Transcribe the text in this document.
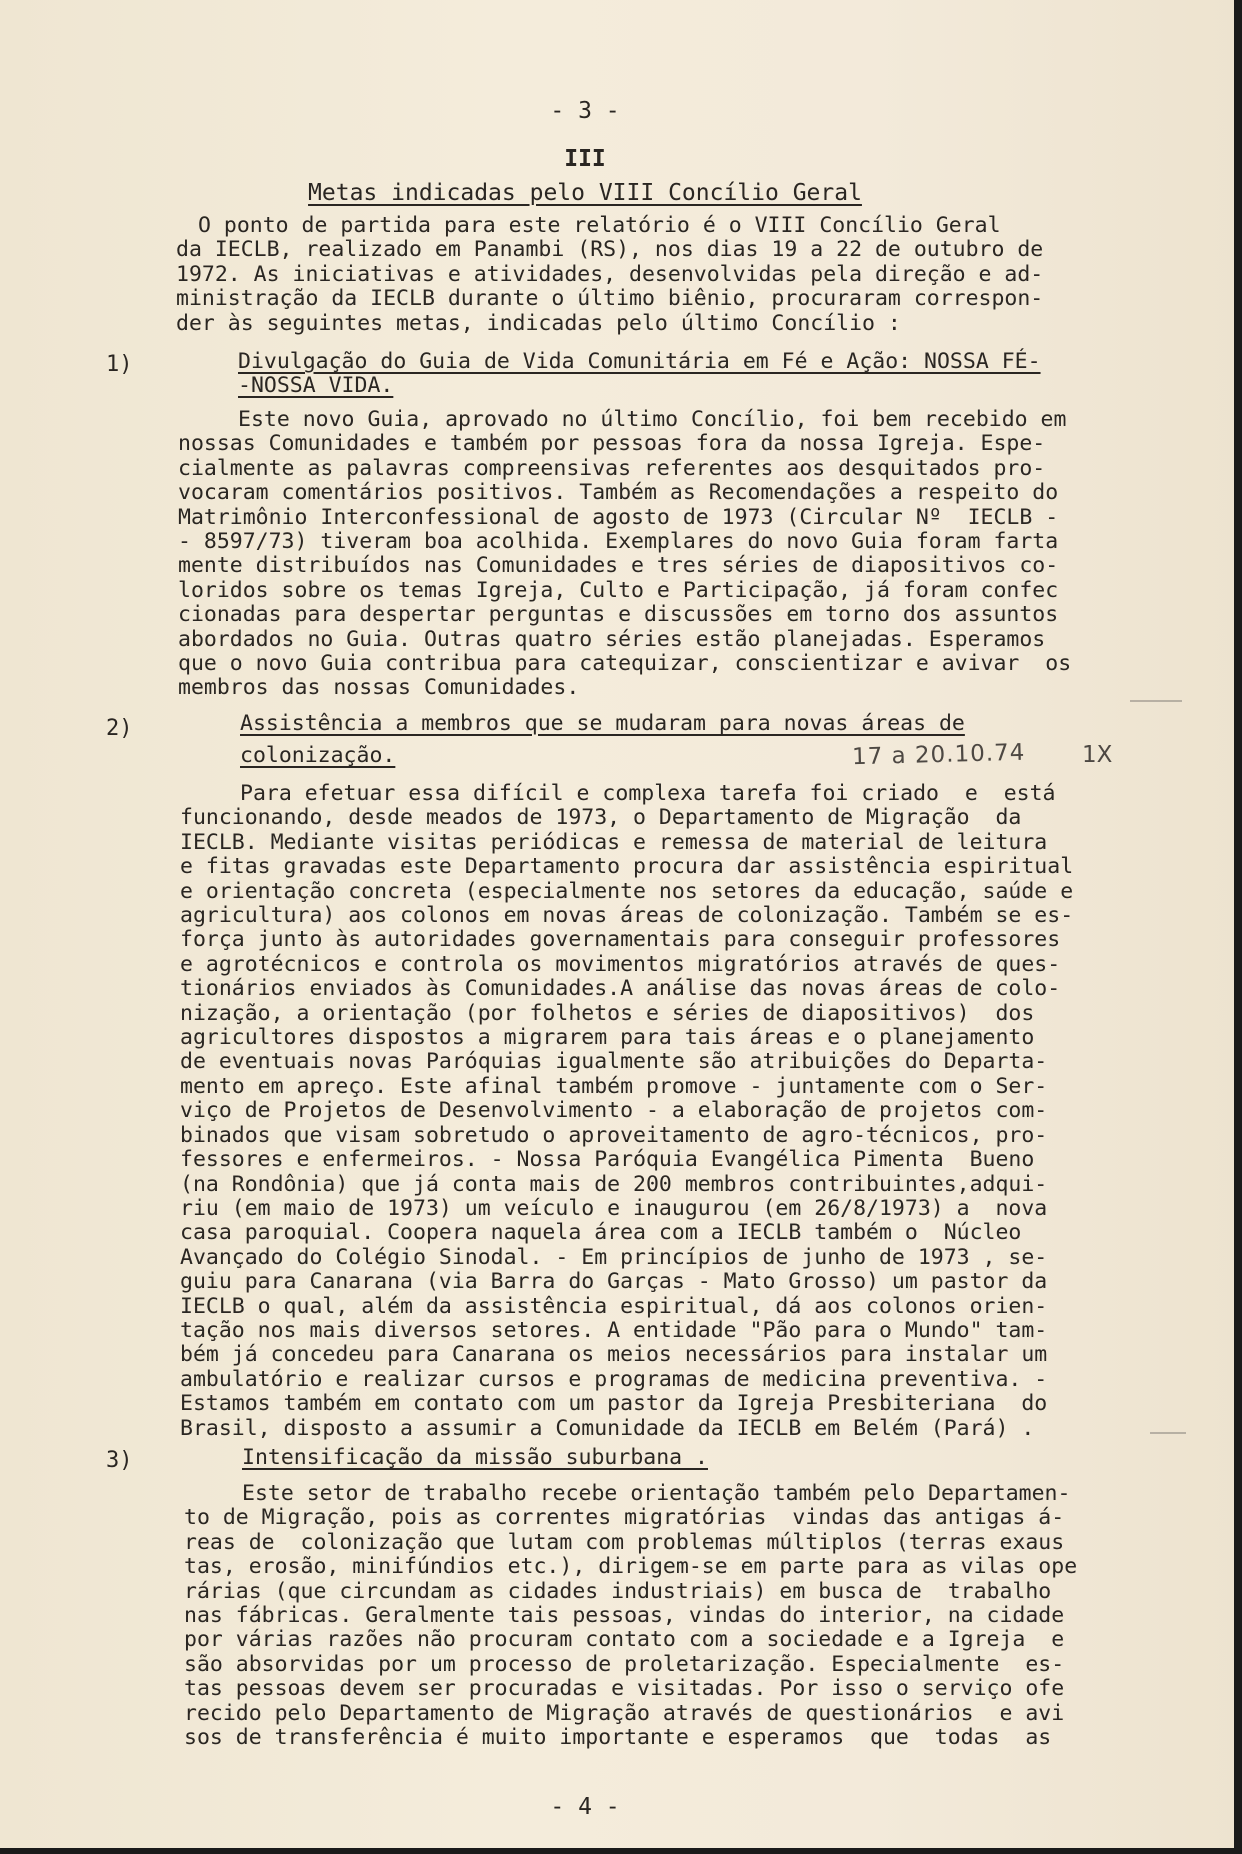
- 3 -
III
Metas indicadas pelo VIII Concílio Geral
O ponto de partida para este relatório é o VIII Concílio Geral
da IECLB, realizado em Panambi (RS), nos dias 19 a 22 de outubro de
1972. As iniciativas e atividades, desenvolvidas pela direção e ad-
ministração da IECLB durante o último biênio, procuraram correspon-
der às seguintes metas, indicadas pelo último Concílio :
1)	Divulgação do Guia de Vida Comunitária em Fé e Ação: NOSSA FÉ-
-NOSSA VIDA.
Este novo Guia, aprovado no último Concílio, foi bem recebido em
nossas Comunidades e também por pessoas fora da nossa Igreja. Espe-
cialmente as palavras compreensivas referentes aos desquitados pro-
vocaram comentários positivos. Também as Recomendações a respeito do
Matrimônio Interconfessional de agosto de 1973 (Circular Nº  IECLB -
- 8597/73) tiveram boa acolhida. Exemplares do novo Guia foram farta
mente distribuídos nas Comunidades e tres séries de diapositivos co-
loridos sobre os temas Igreja, Culto e Participação, já foram confec
cionadas para despertar perguntas e discussões em torno dos assuntos
abordados no Guia. Outras quatro séries estão planejadas. Esperamos
que o novo Guia contribua para catequizar, conscientizar e avivar  os
membros das nossas Comunidades.
2)	Assistência a membros que se mudaram para novas áreas de
colonização.	17 a 20.10.74 1X
Para efetuar essa difícil e complexa tarefa foi criado  e  está
funcionando, desde meados de 1973, o Departamento de Migração  da
IECLB. Mediante visitas periódicas e remessa de material de leitura
e fitas gravadas este Departamento procura dar assistência espiritual
e orientação concreta (especialmente nos setores da educação, saúde e
agricultura) aos colonos em novas áreas de colonização. Também se es-
força junto às autoridades governamentais para conseguir professores
e agrotécnicos e controla os movimentos migratórios através de ques-
tionários enviados às Comunidades.A análise das novas áreas de colo-
nização, a orientação (por folhetos e séries de diapositivos)  dos
agricultores dispostos a migrarem para tais áreas e o planejamento
de eventuais novas Paróquias igualmente são atribuições do Departa-
mento em apreço. Este afinal também promove - juntamente com o Ser-
viço de Projetos de Desenvolvimento - a elaboração de projetos com-
binados que visam sobretudo o aproveitamento de agro-técnicos, pro-
fessores e enfermeiros. - Nossa Paróquia Evangélica Pimenta  Bueno
(na Rondônia) que já conta mais de 200 membros contribuintes,adqui-
riu (em maio de 1973) um veículo e inaugurou (em 26/8/1973) a  nova
casa paroquial. Coopera naquela área com a IECLB também o  Núcleo
Avançado do Colégio Sinodal. - Em princípios de junho de 1973 , se-
guiu para Canarana (via Barra do Garças - Mato Grosso) um pastor da
IECLB o qual, além da assistência espiritual, dá aos colonos orien-
tação nos mais diversos setores. A entidade "Pão para o Mundo" tam-
bém já concedeu para Canarana os meios necessários para instalar um
ambulatório e realizar cursos e programas de medicina preventiva. -
Estamos também em contato com um pastor da Igreja Presbiteriana  do
Brasil, disposto a assumir a Comunidade da IECLB em Belém (Pará) .
3)	Intensificação da missão suburbana .
Este setor de trabalho recebe orientação também pelo Departamen-
to de Migração, pois as correntes migratórias  vindas das antigas á-
reas de  colonização que lutam com problemas múltiplos (terras exaus
tas, erosão, minifúndios etc.), dirigem-se em parte para as vilas ope
rárias (que circundam as cidades industriais) em busca de  trabalho
nas fábricas. Geralmente tais pessoas, vindas do interior, na cidade
por várias razões não procuram contato com a sociedade e a Igreja  e
são absorvidas por um processo de proletarização. Especialmente  es-
tas pessoas devem ser procuradas e visitadas. Por isso o serviço ofe
recido pelo Departamento de Migração através de questionários  e avi
sos de transferência é muito importante e esperamos  que  todas  as
- 4 -
